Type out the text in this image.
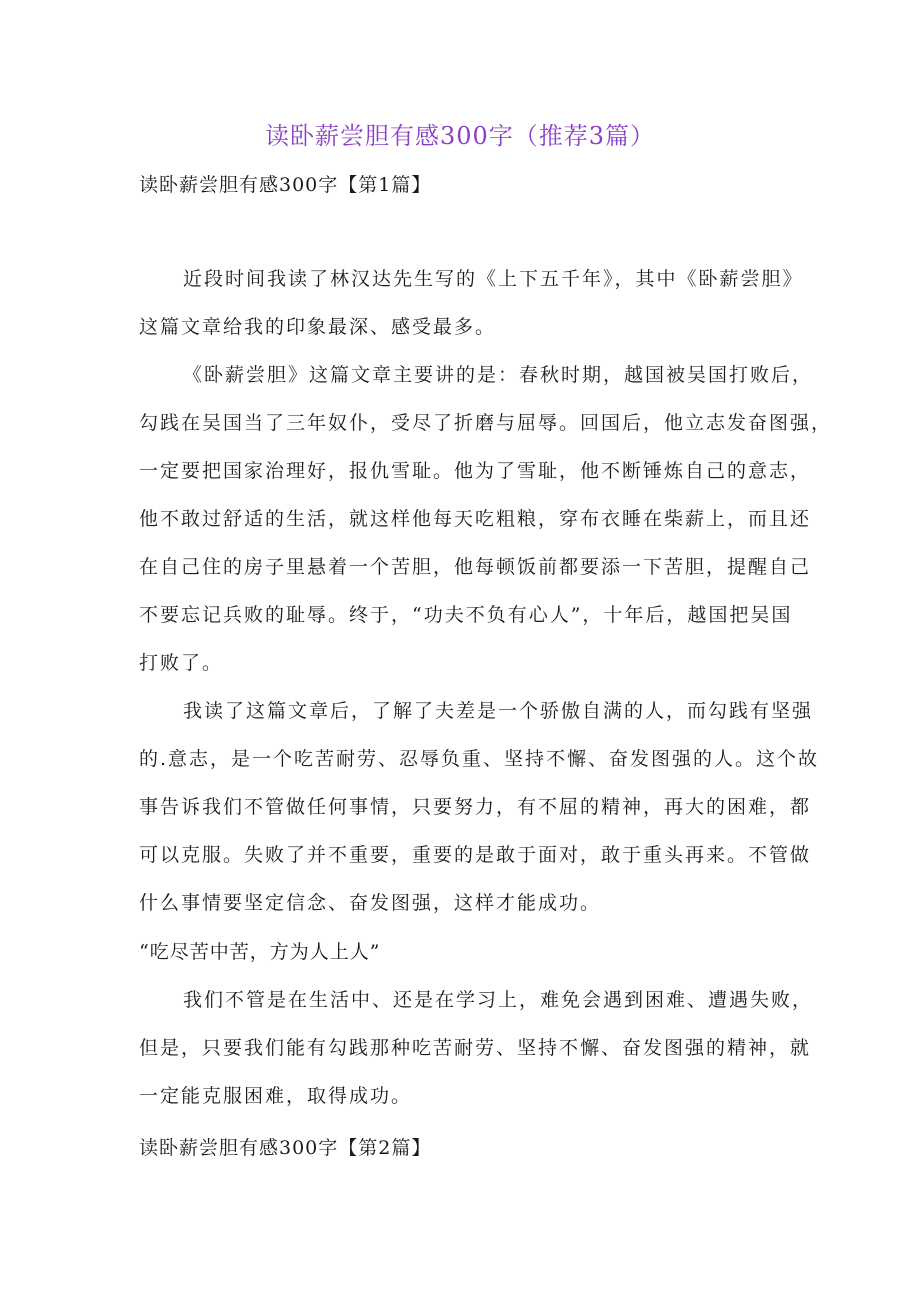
读卧薪尝胆有感300字（推荐3篇）
读卧薪尝胆有感300字【第1篇】
近段时间我读了林汉达先生写的《上下五千年》，其中《卧薪尝胆》
这篇文章给我的印象最深、感受最多。
《卧薪尝胆》这篇文章主要讲的是：春秋时期，越国被吴国打败后，
勾践在吴国当了三年奴仆，受尽了折磨与屈辱。回国后，他立志发奋图强，
一定要把国家治理好，报仇雪耻。他为了雪耻，他不断锤炼自己的意志，
他不敢过舒适的生活，就这样他每天吃粗粮，穿布衣睡在柴薪上，而且还
在自己住的房子里悬着一个苦胆，他每顿饭前都要添一下苦胆，提醒自己
不要忘记兵败的耻辱。终于，“功夫不负有心人”，十年后，越国把吴国
打败了。
我读了这篇文章后，了解了夫差是一个骄傲自满的人，而勾践有坚强
的.意志，是一个吃苦耐劳、忍辱负重、坚持不懈、奋发图强的人。这个故
事告诉我们不管做任何事情，只要努力，有不屈的精神，再大的困难，都
可以克服。失败了并不重要，重要的是敢于面对，敢于重头再来。不管做
什么事情要坚定信念、奋发图强，这样才能成功。
“吃尽苦中苦，方为人上人”
我们不管是在生活中、还是在学习上，难免会遇到困难、遭遇失败，
但是，只要我们能有勾践那种吃苦耐劳、坚持不懈、奋发图强的精神，就
一定能克服困难，取得成功。
读卧薪尝胆有感300字【第2篇】
